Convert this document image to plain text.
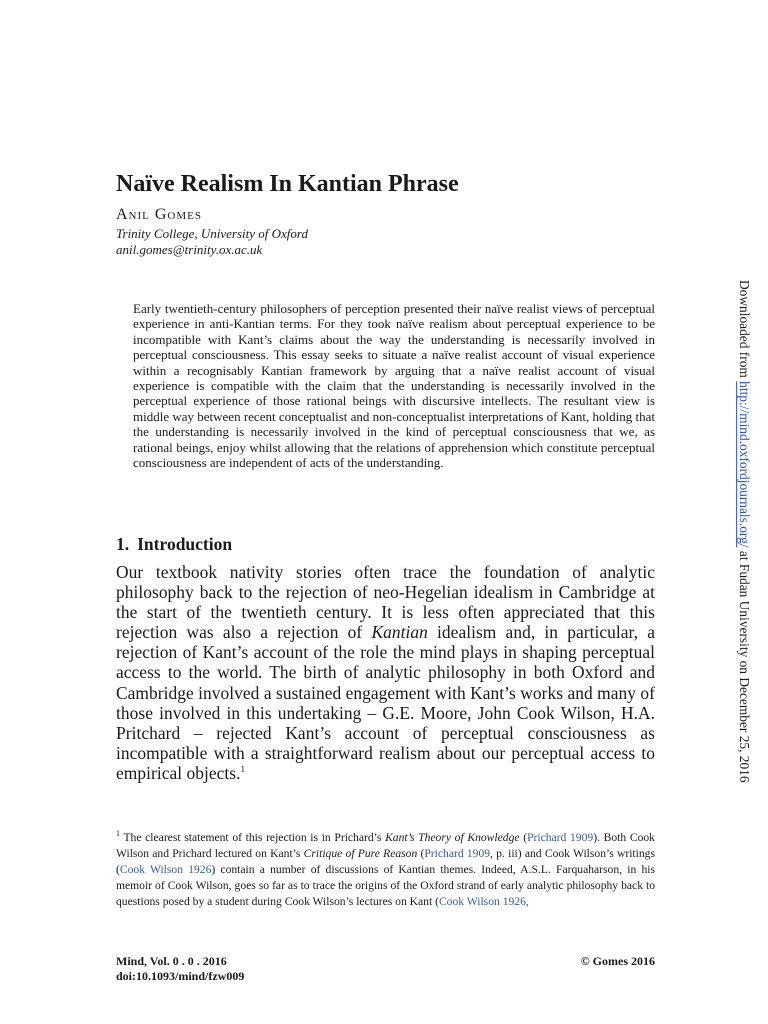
Naïve Realism In Kantian Phrase
Anil Gomes
Trinity College, University of Oxford
anil.gomes@trinity.ox.ac.uk

Early twentieth-century philosophers of perception presented their naïve realist views of perceptual experience in anti-Kantian terms. For they took naïve realism about perceptual experience to be incompatible with Kant’s claims about the way the understanding is necessarily involved in perceptual consciousness. This essay seeks to situate a naïve realist account of visual experience within a recognisably Kantian framework by arguing that a naïve realist account of visual experience is compatible with the claim that the understanding is necessarily involved in the perceptual experience of those rational beings with discursive intellects. The resultant view is middle way between recent conceptualist and non-conceptualist interpretations of Kant, holding that the understanding is necessarily involved in the kind of perceptual consciousness that we, as rational beings, enjoy whilst allowing that the relations of apprehension which constitute perceptual consciousness are independent of acts of the understanding.

1. Introduction

Our textbook nativity stories often trace the foundation of analytic philosophy back to the rejection of neo-Hegelian idealism in Cambridge at the start of the twentieth century. It is less often appreciated that this rejection was also a rejection of Kantian idealism and, in particular, a rejection of Kant’s account of the role the mind plays in shaping perceptual access to the world. The birth of analytic philosophy in both Oxford and Cambridge involved a sustained engagement with Kant’s works and many of those involved in this undertaking – G.E. Moore, John Cook Wilson, H.A. Pritchard – rejected Kant’s account of perceptual consciousness as incompatible with a straightforward realism about our perceptual access to empirical objects.$^1$

$^1$ The clearest statement of this rejection is in Prichard’s Kant’s Theory of Knowledge (Prichard 1909). Both Cook Wilson and Prichard lectured on Kant’s Critique of Pure Reason (Prichard 1909, p. iii) and Cook Wilson’s writings (Cook Wilson 1926) contain a number of discussions of Kantian themes. Indeed, A.S.L. Farquaharson, in his memoir of Cook Wilson, goes so far as to trace the origins of the Oxford strand of early analytic philosophy back to questions posed by a student during Cook Wilson’s lectures on Kant (Cook Wilson 1926,

Mind, Vol. 0 . 0 . 2016
doi:10.1093/mind/fzw009
© Gomes 2016
Downloaded from http://mind.oxfordjournals.org/ at Fudan University on December 25, 2016
